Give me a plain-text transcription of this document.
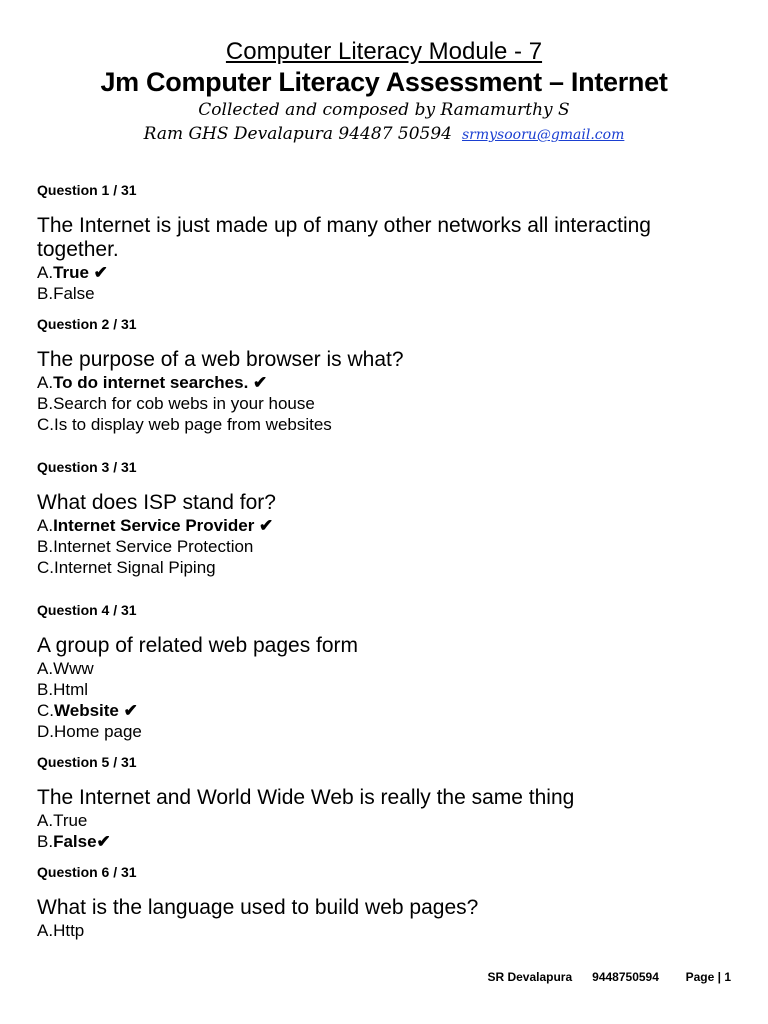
Computer Literacy Module - 7
Jm Computer Literacy Assessment – Internet
Collected and composed by Ramamurthy S
Ram GHS Devalapura 94487 50594 srmysooru@gmail.com
Question 1 / 31
The Internet is just made up of many other networks all interacting together.
A.True ✔
B.False
Question 2 / 31
The purpose of a web browser is what?
A.To do internet searches. ✔
B.Search for cob webs in your house
C.Is to display web page from websites
Question 3 / 31
What does ISP stand for?
A.Internet Service Provider ✔
B.Internet Service Protection
C.Internet Signal Piping
Question 4 / 31
A group of related web pages form
A.Www
B.Html
C.Website ✔
D.Home page
Question 5 / 31
The Internet and World Wide Web is really the same thing
A.True
B.False✔
Question 6 / 31
What is the language used to build web pages?
A.Http
SR Devalapura 9448750594 Page | 1
